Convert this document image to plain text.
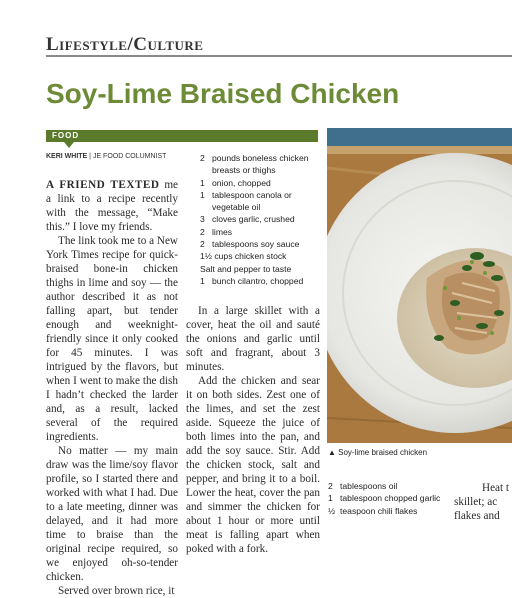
Lifestyle/Culture
Soy-Lime Braised Chicken
FOOD
KERI WHITE | JE FOOD COLUMNIST

A FRIEND TEXTED me a link to a recipe recently with the message, “Make this.” I love my friends.

The link took me to a New York Times recipe for quick-braised bone-in chicken thighs in lime and soy — the author described it as not falling apart, but tender enough and weeknight-friendly since it only cooked for 45 minutes. I was intrigued by the flavors, but when I went to make the dish I hadn’t checked the larder and, as a result, lacked several of the required ingredients.

No matter — my main draw was the lime/soy flavor profile, so I started there and worked with what I had. Due to a late meeting, dinner was delayed, and it had more time to braise than the original recipe required, so we enjoyed oh-so-tender chicken.

Served over brown rice, it

2 pounds boneless chicken breasts or thighs
1 onion, chopped
1 tablespoon canola or vegetable oil
3 cloves garlic, crushed
2 limes
2 tablespoons soy sauce
1½ cups chicken stock
Salt and pepper to taste
1 bunch cilantro, chopped

In a large skillet with a cover, heat the oil and sauté the onions and garlic until soft and fragrant, about 3 minutes.

Add the chicken and sear it on both sides. Zest one of the limes, and set the zest aside. Squeeze the juice of both limes into the pan, and add the soy sauce. Stir. Add the chicken stock, salt and pepper, and bring it to a boil. Lower the heat, cover the pan and simmer the chicken for about 1 hour or more until meat is falling apart when poked with a fork.

▲ Soy-lime braised chicken
2 tablespoons oil
1 tablespoon chopped garlic
½ teaspoon chili flakes
Heat t
skillet; ac
flakes and
